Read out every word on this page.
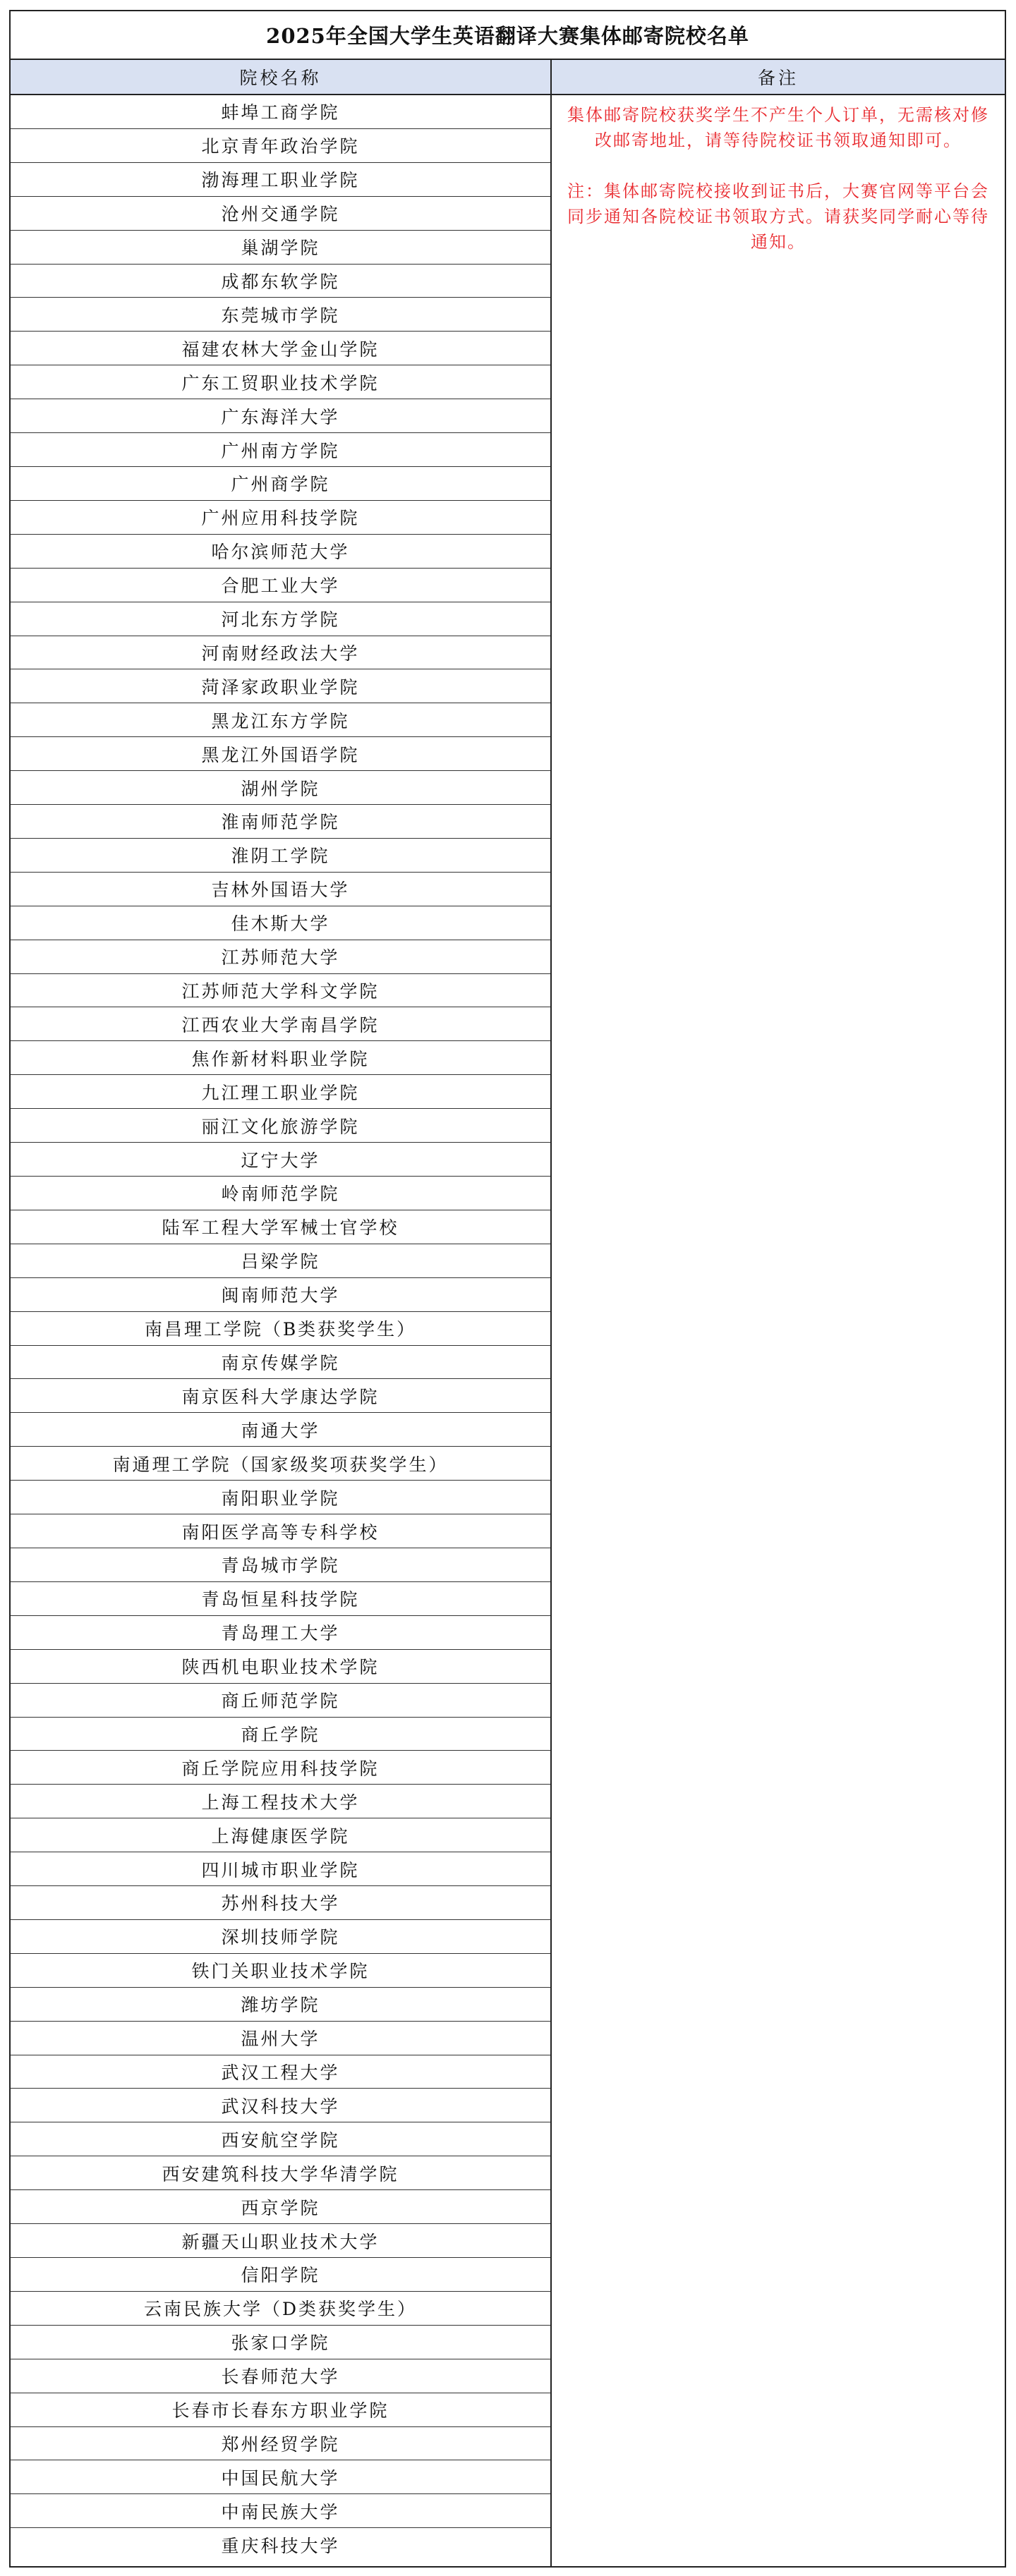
2025年全国大学生英语翻译大赛集体邮寄院校名单
院校名称	备注
蚌埠工商学院
北京青年政治学院
渤海理工职业学院
沧州交通学院
巢湖学院
成都东软学院
东莞城市学院
福建农林大学金山学院
广东工贸职业技术学院
广东海洋大学
广州南方学院
广州商学院
广州应用科技学院
哈尔滨师范大学
合肥工业大学
河北东方学院
河南财经政法大学
菏泽家政职业学院
黑龙江东方学院
黑龙江外国语学院
湖州学院
淮南师范学院
淮阴工学院
吉林外国语大学
佳木斯大学
江苏师范大学
江苏师范大学科文学院
江西农业大学南昌学院
焦作新材料职业学院
九江理工职业学院
丽江文化旅游学院
辽宁大学
岭南师范学院
陆军工程大学军械士官学校
吕梁学院
闽南师范大学
南昌理工学院（B类获奖学生）
南京传媒学院
南京医科大学康达学院
南通大学
南通理工学院（国家级奖项获奖学生）
南阳职业学院
南阳医学高等专科学校
青岛城市学院
青岛恒星科技学院
青岛理工大学
陕西机电职业技术学院
商丘师范学院
商丘学院
商丘学院应用科技学院
上海工程技术大学
上海健康医学院
四川城市职业学院
苏州科技大学
深圳技师学院
铁门关职业技术学院
潍坊学院
温州大学
武汉工程大学
武汉科技大学
西安航空学院
西安建筑科技大学华清学院
西京学院
新疆天山职业技术大学
信阳学院
云南民族大学（D类获奖学生）
张家口学院
长春师范大学
长春市长春东方职业学院
郑州经贸学院
中国民航大学
中南民族大学
重庆科技大学

集体邮寄院校获奖学生不产生个人订单，无需核对修改邮寄地址，请等待院校证书领取通知即可。

注：集体邮寄院校接收到证书后，大赛官网等平台会同步通知各院校证书领取方式。请获奖同学耐心等待通知。
